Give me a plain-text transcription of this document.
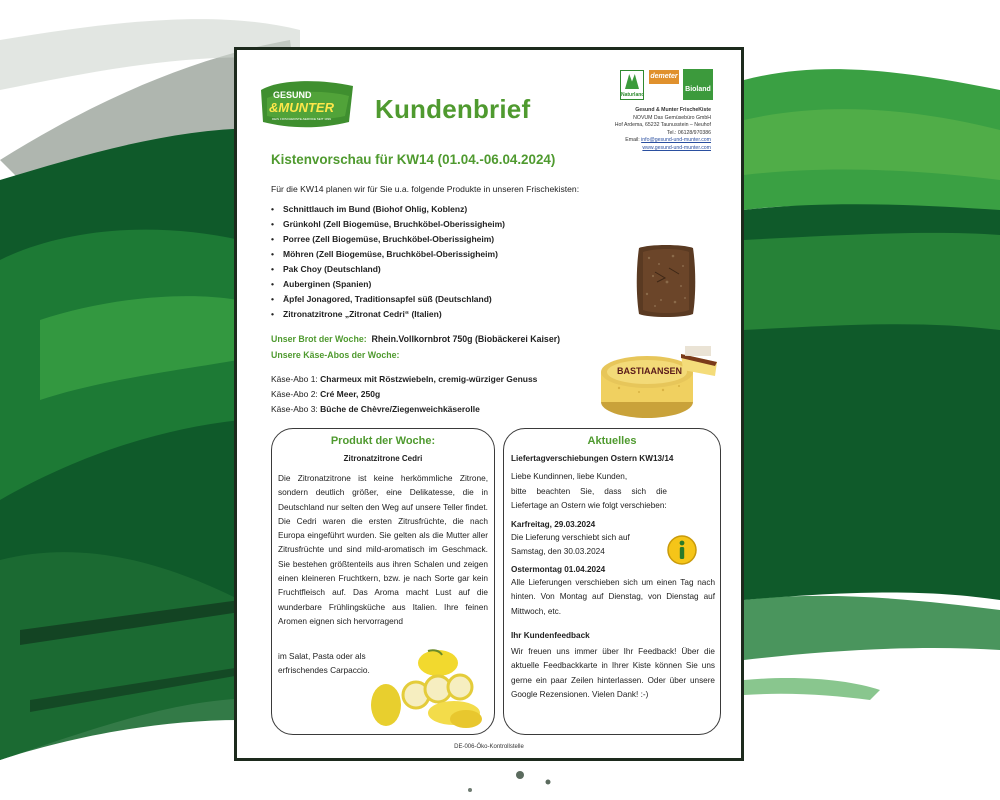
GESUND
&MUNTER
DEIN FRISCHEKISTE-SERVICE SEIT 1999 Kundenbrief	Naturland
demeter
Bioland
Gesund & Munter FrischeKiste
NOVUM Das Gemüsebüro GmbH
Hof Ardema, 65232 Taunusstein – Neuhof
Tel.: 06128/970386
Email: info@gesund-und-munter.com
www.gesund-und-munter.com
Kistenvorschau für KW14 (01.04.-06.04.2024)
Für die KW14 planen wir für Sie u.a. folgende Produkte in unseren Frischekisten:
• Schnittlauch im Bund (Biohof Ohlig, Koblenz)
• Grünkohl (Zell Biogemüse, Bruchköbel-Oberissigheim)
• Porree (Zell Biogemüse, Bruchköbel-Oberissigheim)
• Möhren (Zell Biogemüse, Bruchköbel-Oberissigheim)
• Pak Choy (Deutschland)
• Auberginen (Spanien)
• Äpfel Jonagored, Traditionsapfel süß (Deutschland)
• Zitronatzitrone „Zitronat Cedri“ (Italien)
Unser Brot der Woche: Rhein.Vollkornbrot 750g (Biobäckerei Kaiser)
Unsere Käse-Abos der Woche:
Käse-Abo 1: Charmeux mit Röstzwiebeln, cremig-würziger Genuss
Käse-Abo 2: Cré Meer, 250g
Käse-Abo 3: Bûche de Chèvre/Ziegenweichkäserolle
BASTIAANSEN
Produkt der Woche:
Zitronatzitrone Cedri

Die Zitronatzitrone ist keine herkömmliche Zitrone, sondern deutlich größer, eine Delikatesse, die in Deutschland nur selten den Weg auf unsere Teller findet. Die Cedri waren die ersten Zitrusfrüchte, die nach Europa eingeführt wurden. Sie gelten als die Mutter aller Zitrusfrüchte und sind mild-aromatisch im Geschmack. Sie bestehen größtenteils aus ihren Schalen und zeigen einen kleineren Fruchtkern, bzw. je nach Sorte gar kein Fruchtfleisch auf. Das Aroma macht Lust auf die wunderbare Frühlingsküche aus Italien. Ihre feinen Aromen eignen sich hervorragend

im Salat, Pasta oder als erfrischendes Carpaccio.

Aktuelles
Liefertagverschiebungen Ostern KW13/14
Liebe Kundinnen, liebe Kunden,
bitte beachten Sie, dass sich die Liefertage an Ostern wie folgt verschieben:
Karfreitag, 29.03.2024
Die Lieferung verschiebt sich auf Samstag, den 30.03.2024
Ostermontag 01.04.2024
Alle Lieferungen verschieben sich um einen Tag nach hinten. Von Montag auf Dienstag, von Dienstag auf Mittwoch, etc.
Ihr Kundenfeedback
Wir freuen uns immer über Ihr Feedback! Über die aktuelle Feedbackkarte in Ihrer Kiste können Sie uns gerne ein paar Zeilen hinterlassen. Oder über unsere Google Rezensionen. Vielen Dank! :-)
DE-006-Öko-Kontrollstelle
